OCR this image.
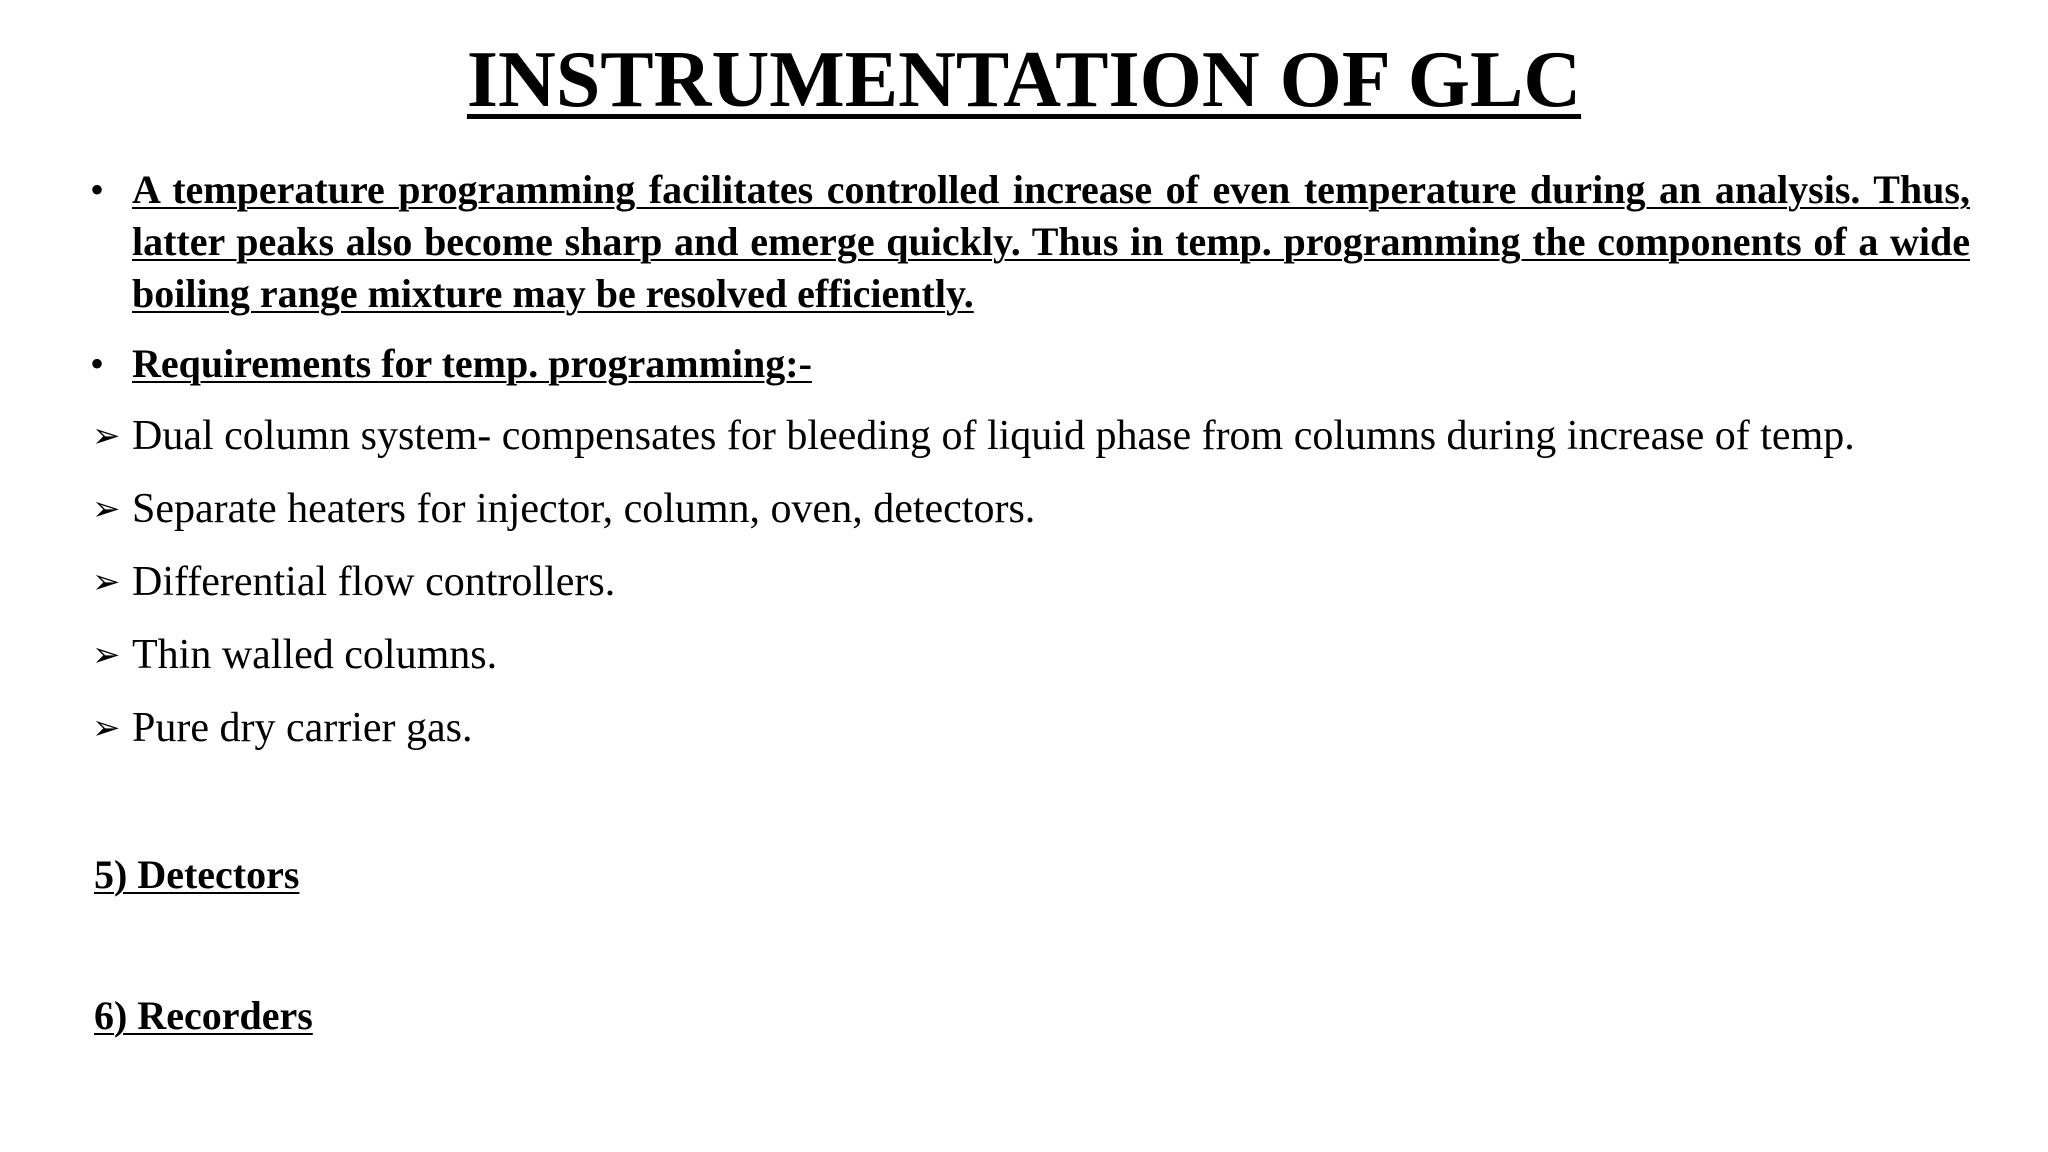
INSTRUMENTATION OF GLC
• A temperature programming facilitates controlled increase of even temperature during an analysis. Thus, latter peaks also become sharp and emerge quickly. Thus in temp. programming the components of a wide boiling range mixture may be resolved efficiently.
• Requirements for temp. programming:-
➢ Dual column system- compensates for bleeding of liquid phase from columns during increase of temp.
➢ Separate heaters for injector, column, oven, detectors.
➢ Differential flow controllers.
➢ Thin walled columns.
➢ Pure dry carrier gas.
5) Detectors
6) Recorders
